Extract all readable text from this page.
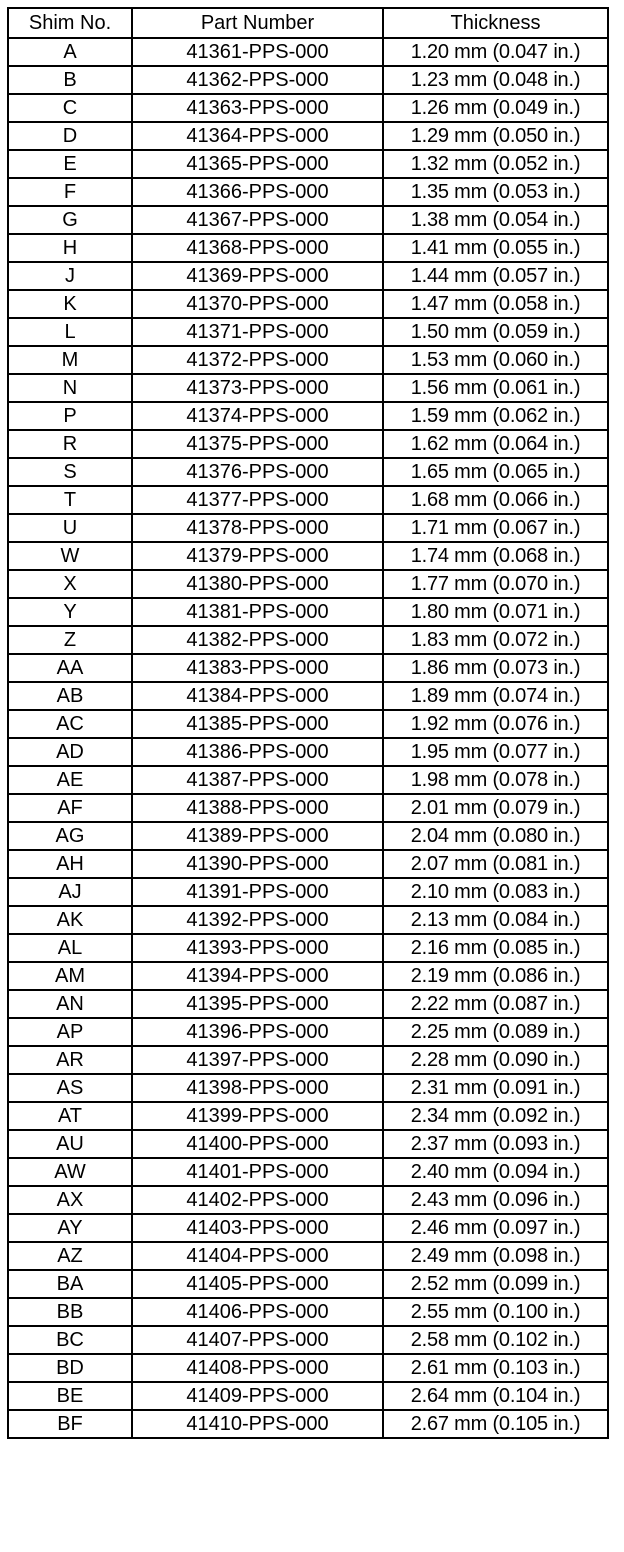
Shim No.	Part Number	Thickness
A	41361-PPS-000	1.20 mm (0.047 in.)
B	41362-PPS-000	1.23 mm (0.048 in.)
C	41363-PPS-000	1.26 mm (0.049 in.)
D	41364-PPS-000	1.29 mm (0.050 in.)
E	41365-PPS-000	1.32 mm (0.052 in.)
F	41366-PPS-000	1.35 mm (0.053 in.)
G	41367-PPS-000	1.38 mm (0.054 in.)
H	41368-PPS-000	1.41 mm (0.055 in.)
J	41369-PPS-000	1.44 mm (0.057 in.)
K	41370-PPS-000	1.47 mm (0.058 in.)
L	41371-PPS-000	1.50 mm (0.059 in.)
M	41372-PPS-000	1.53 mm (0.060 in.)
N	41373-PPS-000	1.56 mm (0.061 in.)
P	41374-PPS-000	1.59 mm (0.062 in.)
R	41375-PPS-000	1.62 mm (0.064 in.)
S	41376-PPS-000	1.65 mm (0.065 in.)
T	41377-PPS-000	1.68 mm (0.066 in.)
U	41378-PPS-000	1.71 mm (0.067 in.)
W	41379-PPS-000	1.74 mm (0.068 in.)
X	41380-PPS-000	1.77 mm (0.070 in.)
Y	41381-PPS-000	1.80 mm (0.071 in.)
Z	41382-PPS-000	1.83 mm (0.072 in.)
AA	41383-PPS-000	1.86 mm (0.073 in.)
AB	41384-PPS-000	1.89 mm (0.074 in.)
AC	41385-PPS-000	1.92 mm (0.076 in.)
AD	41386-PPS-000	1.95 mm (0.077 in.)
AE	41387-PPS-000	1.98 mm (0.078 in.)
AF	41388-PPS-000	2.01 mm (0.079 in.)
AG	41389-PPS-000	2.04 mm (0.080 in.)
AH	41390-PPS-000	2.07 mm (0.081 in.)
AJ	41391-PPS-000	2.10 mm (0.083 in.)
AK	41392-PPS-000	2.13 mm (0.084 in.)
AL	41393-PPS-000	2.16 mm (0.085 in.)
AM	41394-PPS-000	2.19 mm (0.086 in.)
AN	41395-PPS-000	2.22 mm (0.087 in.)
AP	41396-PPS-000	2.25 mm (0.089 in.)
AR	41397-PPS-000	2.28 mm (0.090 in.)
AS	41398-PPS-000	2.31 mm (0.091 in.)
AT	41399-PPS-000	2.34 mm (0.092 in.)
AU	41400-PPS-000	2.37 mm (0.093 in.)
AW	41401-PPS-000	2.40 mm (0.094 in.)
AX	41402-PPS-000	2.43 mm (0.096 in.)
AY	41403-PPS-000	2.46 mm (0.097 in.)
AZ	41404-PPS-000	2.49 mm (0.098 in.)
BA	41405-PPS-000	2.52 mm (0.099 in.)
BB	41406-PPS-000	2.55 mm (0.100 in.)
BC	41407-PPS-000	2.58 mm (0.102 in.)
BD	41408-PPS-000	2.61 mm (0.103 in.)
BE	41409-PPS-000	2.64 mm (0.104 in.)
BF	41410-PPS-000	2.67 mm (0.105 in.)
